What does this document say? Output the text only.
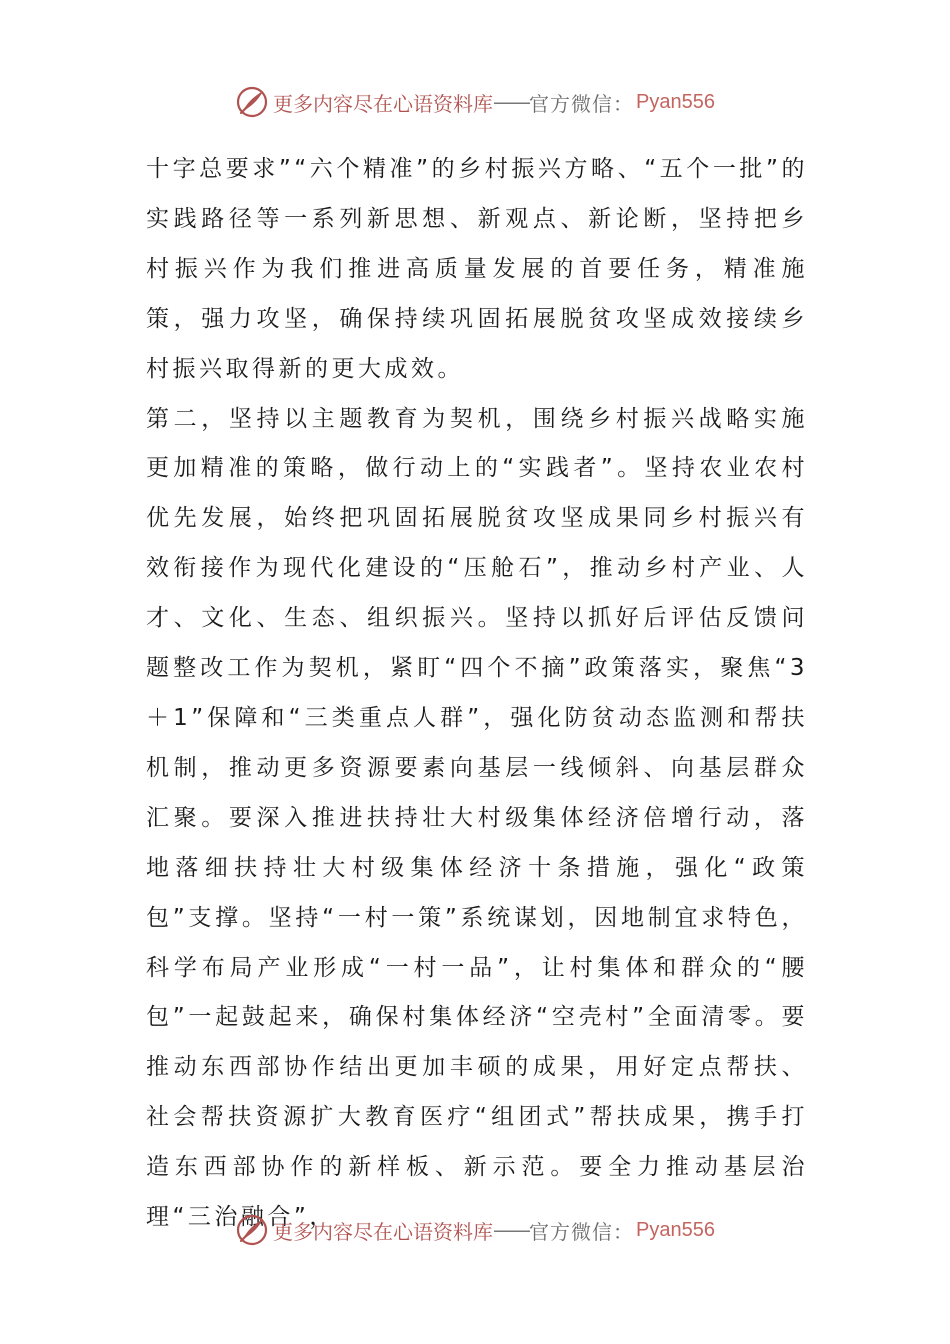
更多内容尽在心语资料库 —— 官方微信： Pyan556

十字总要求”“六个精准”的乡村振兴方略、“五个一批”的实践路径等一系列新思想、新观点、新论断，坚持把乡村振兴作为我们推进高质量发展的首要任务，精准施策，强力攻坚，确保持续巩固拓展脱贫攻坚成效接续乡村振兴取得新的更大成效。

第二，坚持以主题教育为契机，围绕乡村振兴战略实施更加精准的策略，做行动上的“实践者”。坚持农业农村优先发展，始终把巩固拓展脱贫攻坚成果同乡村振兴有效衔接作为现代化建设的“压舱石”，推动乡村产业、人才、文化、生态、组织振兴。坚持以抓好后评估反馈问题整改工作为契机，紧盯“四个不摘”政策落实，聚焦“3＋1”保障和“三类重点人群”，强化防贫动态监测和帮扶机制，推动更多资源要素向基层一线倾斜、向基层群众汇聚。要深入推进扶持壮大村级集体经济倍增行动，落地落细扶持壮大村级集体经济十条措施，强化“政策包”支撑。坚持“一村一策”系统谋划，因地制宜求特色，科学布局产业形成“一村一品”，让村集体和群众的“腰包”一起鼓起来，确保村集体经济“空壳村”全面清零。要推动东西部协作结出更加丰硕的成果，用好定点帮扶、社会帮扶资源扩大教育医疗“组团式”帮扶成果，携手打造东西部协作的新样板、新示范。要全力推动基层治理“三治融合”，

更多内容尽在心语资料库 —— 官方微信： Pyan556
